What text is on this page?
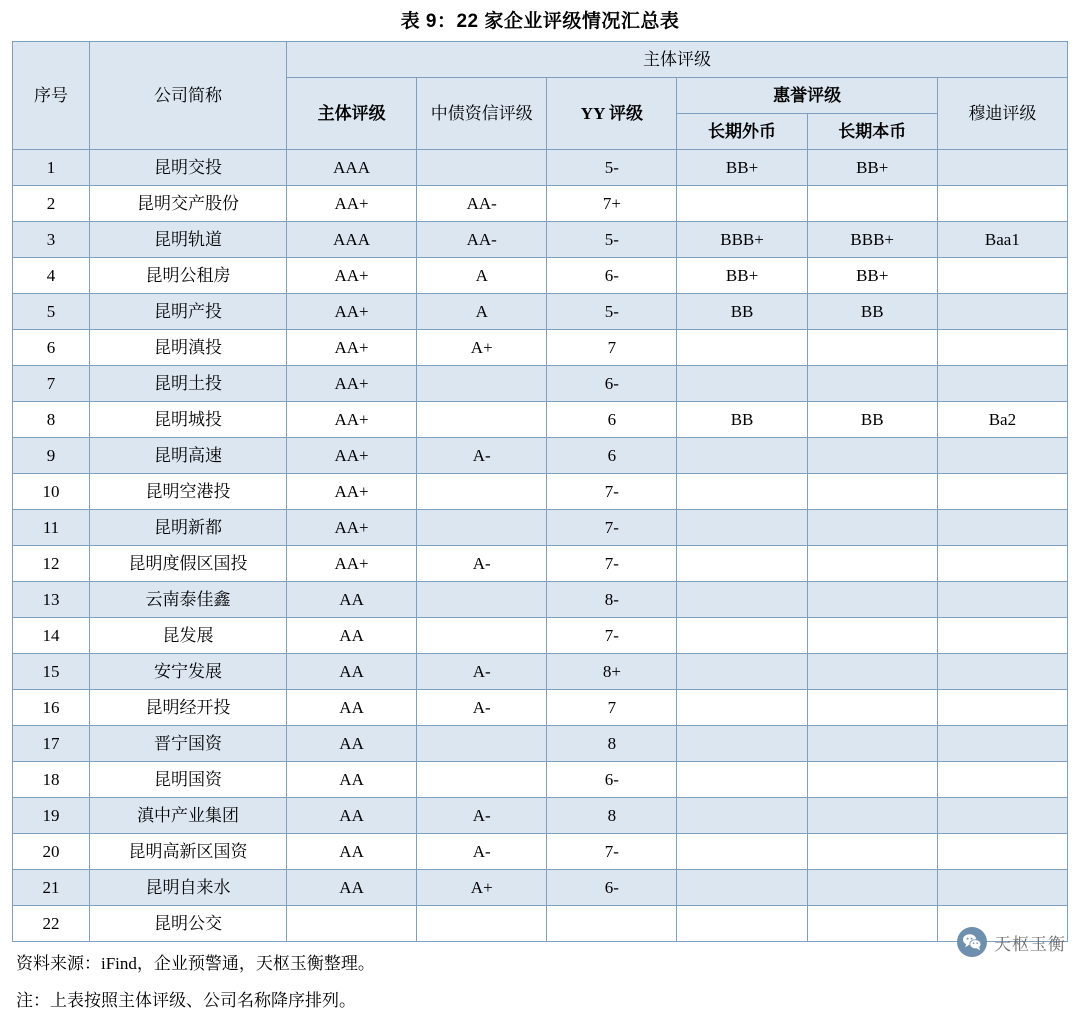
表 9：22 家企业评级情况汇总表
序号	公司简称	主体评级					
		主体评级	中债资信评级	YY 评级	惠誉评级		穆迪评级
					长期外币	长期本币	
1	昆明交投	AAA		5-	BB+	BB+	
2	昆明交产股份	AA+	AA-	7+			
3	昆明轨道	AAA	AA-	5-	BBB+	BBB+	Baa1
4	昆明公租房	AA+	A	6-	BB+	BB+	
5	昆明产投	AA+	A	5-	BB	BB	
6	昆明滇投	AA+	A+	7			
7	昆明土投	AA+		6-			
8	昆明城投	AA+		6	BB	BB	Ba2
9	昆明高速	AA+	A-	6			
10	昆明空港投	AA+		7-			
11	昆明新都	AA+		7-			
12	昆明度假区国投	AA+	A-	7-			
13	云南泰佳鑫	AA		8-			
14	昆发展	AA		7-			
15	安宁发展	AA	A-	8+			
16	昆明经开投	AA	A-	7			
17	晋宁国资	AA		8			
18	昆明国资	AA		6-			
19	滇中产业集团	AA	A-	8			
20	昆明高新区国资	AA	A-	7-			
21	昆明自来水	AA	A+	6-			
22	昆明公交						
资料来源：iFind，企业预警通，天枢玉衡整理。
注：上表按照主体评级、公司名称降序排列。
天枢玉衡
